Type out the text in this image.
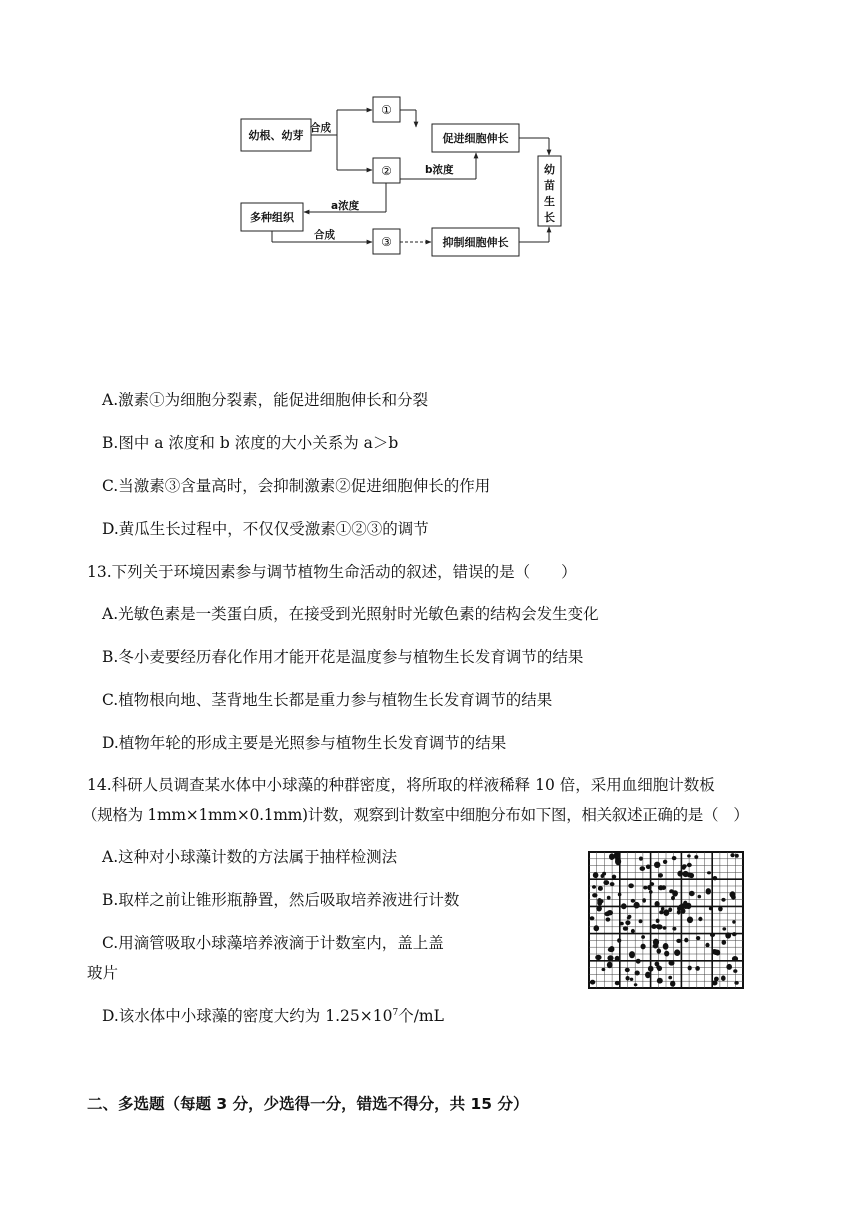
幼根、幼芽
多种组织
①
②
③
促进细胞伸长
抑制细胞伸长
幼
苗
生
长
合成
合成
a浓度
b浓度
A.激素①为细胞分裂素，能促进细胞伸长和分裂
B.图中 a 浓度和 b 浓度的大小关系为 a＞b
C.当激素③含量高时，会抑制激素②促进细胞伸长的作用
D.黄瓜生长过程中，不仅仅受激素①②③的调节
13.下列关于环境因素参与调节植物生命活动的叙述，错误的是（　　）
A.光敏色素是一类蛋白质，在接受到光照射时光敏色素的结构会发生变化
B.冬小麦要经历春化作用才能开花是温度参与植物生长发育调节的结果
C.植物根向地、茎背地生长都是重力参与植物生长发育调节的结果
D.植物年轮的形成主要是光照参与植物生长发育调节的结果
14.科研人员调查某水体中小球藻的种群密度，将所取的样液稀释 10 倍，采用血细胞计数板
（规格为 1mm×1mm×0.1mm)计数，观察到计数室中细胞分布如下图，相关叙述正确的是（　）
A.这种对小球藻计数的方法属于抽样检测法
B.取样之前让锥形瓶静置，然后吸取培养液进行计数
C.用滴管吸取小球藻培养液滴于计数室内，盖上盖
玻片
D.该水体中小球藻的密度大约为 $1.25\times 10^7$个/mL
二、多选题（每题 3 分，少选得一分，错选不得分，共 15 分）
